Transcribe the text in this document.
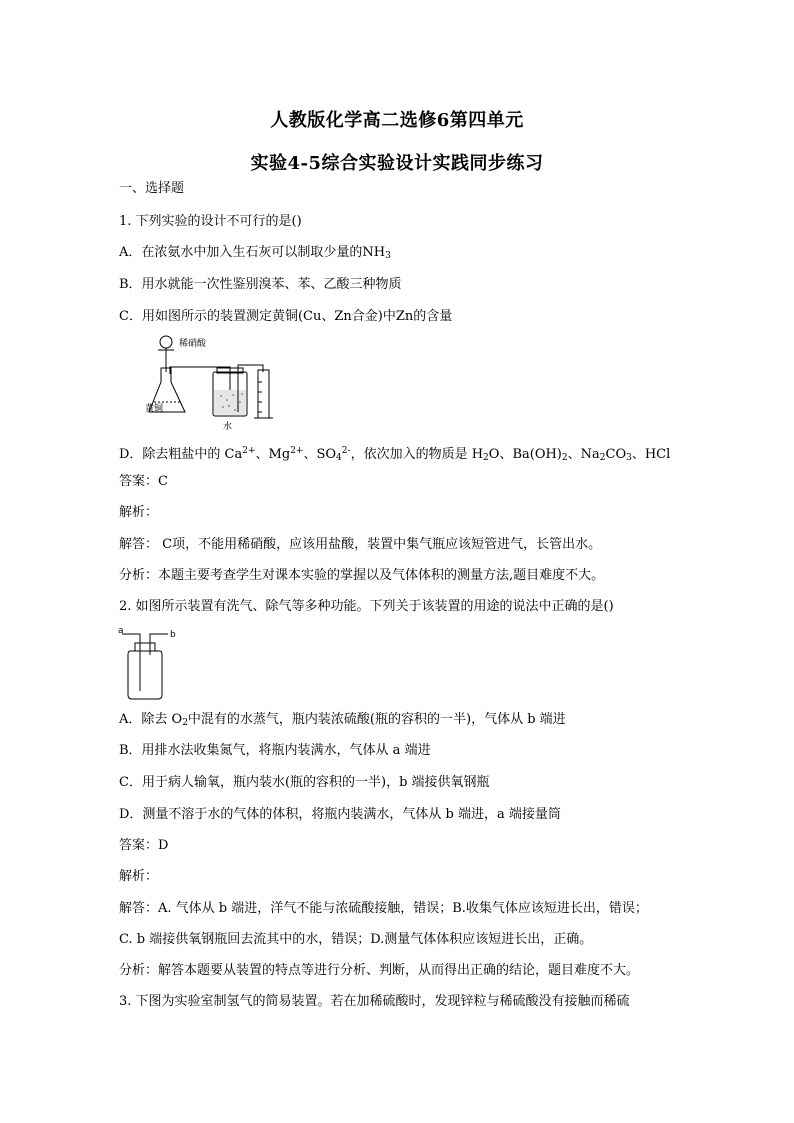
人教版化学高二选修6第四单元
实验4-5综合实验设计实践同步练习
一、选择题
1. 下列实验的设计不可行的是()
A．在浓氨水中加入生石灰可以制取少量的$NH_3$
B．用水就能一次性鉴别溴苯、苯、乙酸三种物质
C．用如图所示的装置测定黄铜(Cu、Zn合金)中Zn的含量
稀硝酸
黄铜
水
D．除去粗盐中的 $Ca^{2+}$、$Mg^{2+}$、$SO_4^{2-}$，依次加入的物质是 $H_2O$、$Ba(OH)_2$、$Na_2CO_3$、HCl
答案：C
解析：
解答： C项，不能用稀硝酸，应该用盐酸，装置中集气瓶应该短管进气，长管出水。
分析：本题主要考查学生对课本实验的掌握以及气体体积的测量方法,题目难度不大。
2. 如图所示装置有洗气、除气等多种功能。下列关于该装置的用途的说法中正确的是()
a	b
A．除去 $O_2$中混有的水蒸气，瓶内装浓硫酸(瓶的容积的一半)，气体从 b 端进
B．用排水法收集氮气，将瓶内装满水，气体从 a 端进
C．用于病人输氧，瓶内装水(瓶的容积的一半)，b 端接供氧钢瓶
D．测量不溶于水的气体的体积，将瓶内装满水，气体从 b 端进，a 端接量筒
答案：D
解析：
解答：A. 气体从 b 端进，洋气不能与浓硫酸接触，错误；B.收集气体应该短进长出，错误；
C. b 端接供氧钢瓶回去流其中的水，错误；D.测量气体体积应该短进长出，正确。
分析：解答本题要从装置的特点等进行分析、判断，从而得出正确的结论，题目难度不大。
3. 下图为实验室制氢气的简易装置。若在加稀硫酸时，发现锌粒与稀硫酸没有接触而稀硫
